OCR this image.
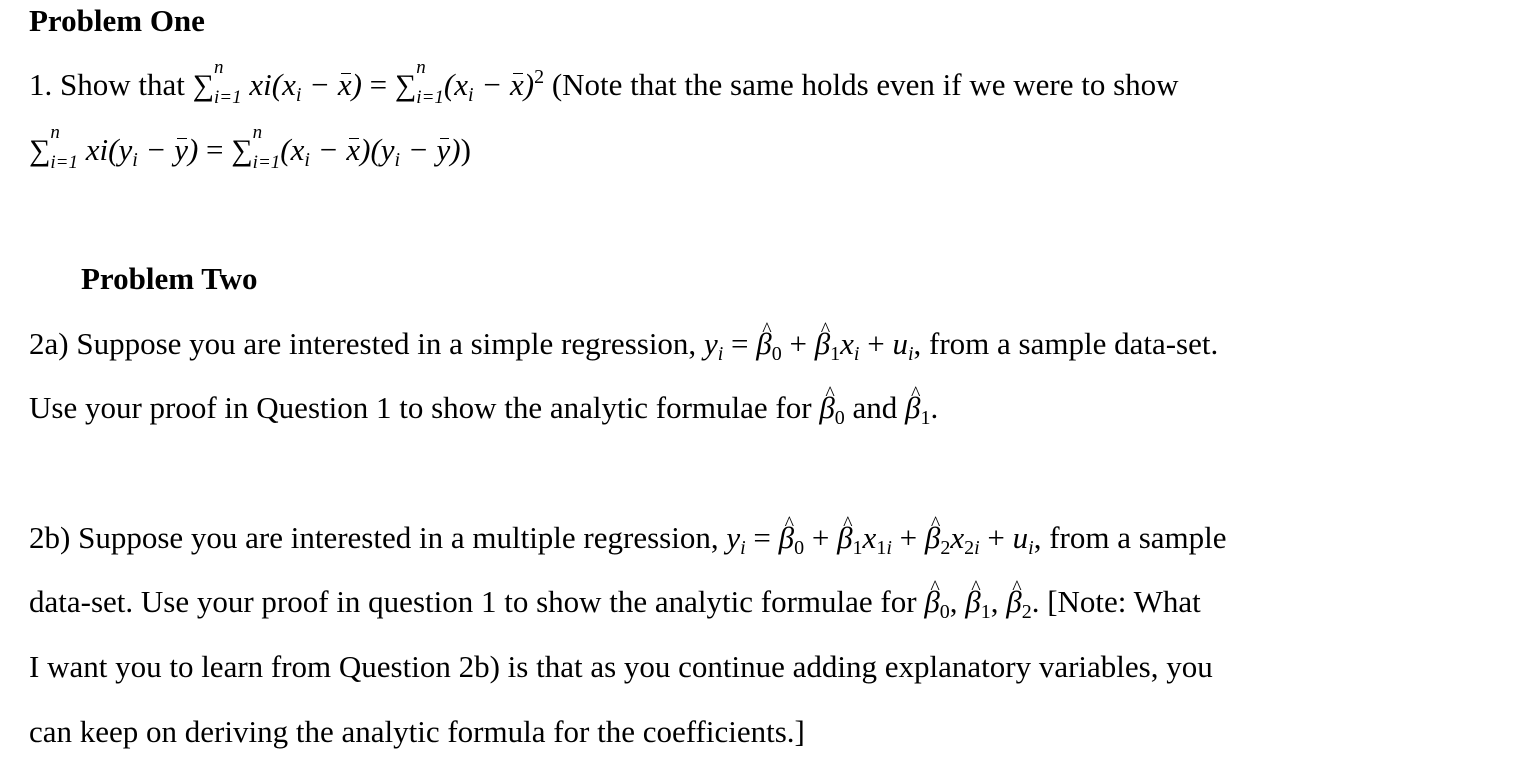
Problem One
1. Show that ∑
n
i=1 $xi(x_i - x)$ = ∑
n
$i=1(x_i - x)^2$ (Note that the same holds even if we were to show
∑
n
i=1 $xi(y_i - y)$ = ∑
n
$i=1(x_i - x)(y_i - y)$)
Problem Two
2a) Suppose you are interested in a simple regression, $y_i$ = ^ $\beta_0$ + ^ $\beta_1x_i + u_i$, from a sample data-set.
Use your proof in Question 1 to show the analytic formulae for ^ $\beta_0$ and ^ $\beta_1$.
2b) Suppose you are interested in a multiple regression, $y_i$ = ^ $\beta_0$ + ^ $\beta_1x_{1i}$ + ^ $\beta_2x_{2i} + u_i$, from a sample
data-set. Use your proof in question 1 to show the analytic formulae for ^ $\beta_0$, ^ $\beta_1$, ^ $\beta_2$. [Note: What
I want you to learn from Question 2b) is that as you continue adding explanatory variables, you
can keep on deriving the analytic formula for the coefficients.]
